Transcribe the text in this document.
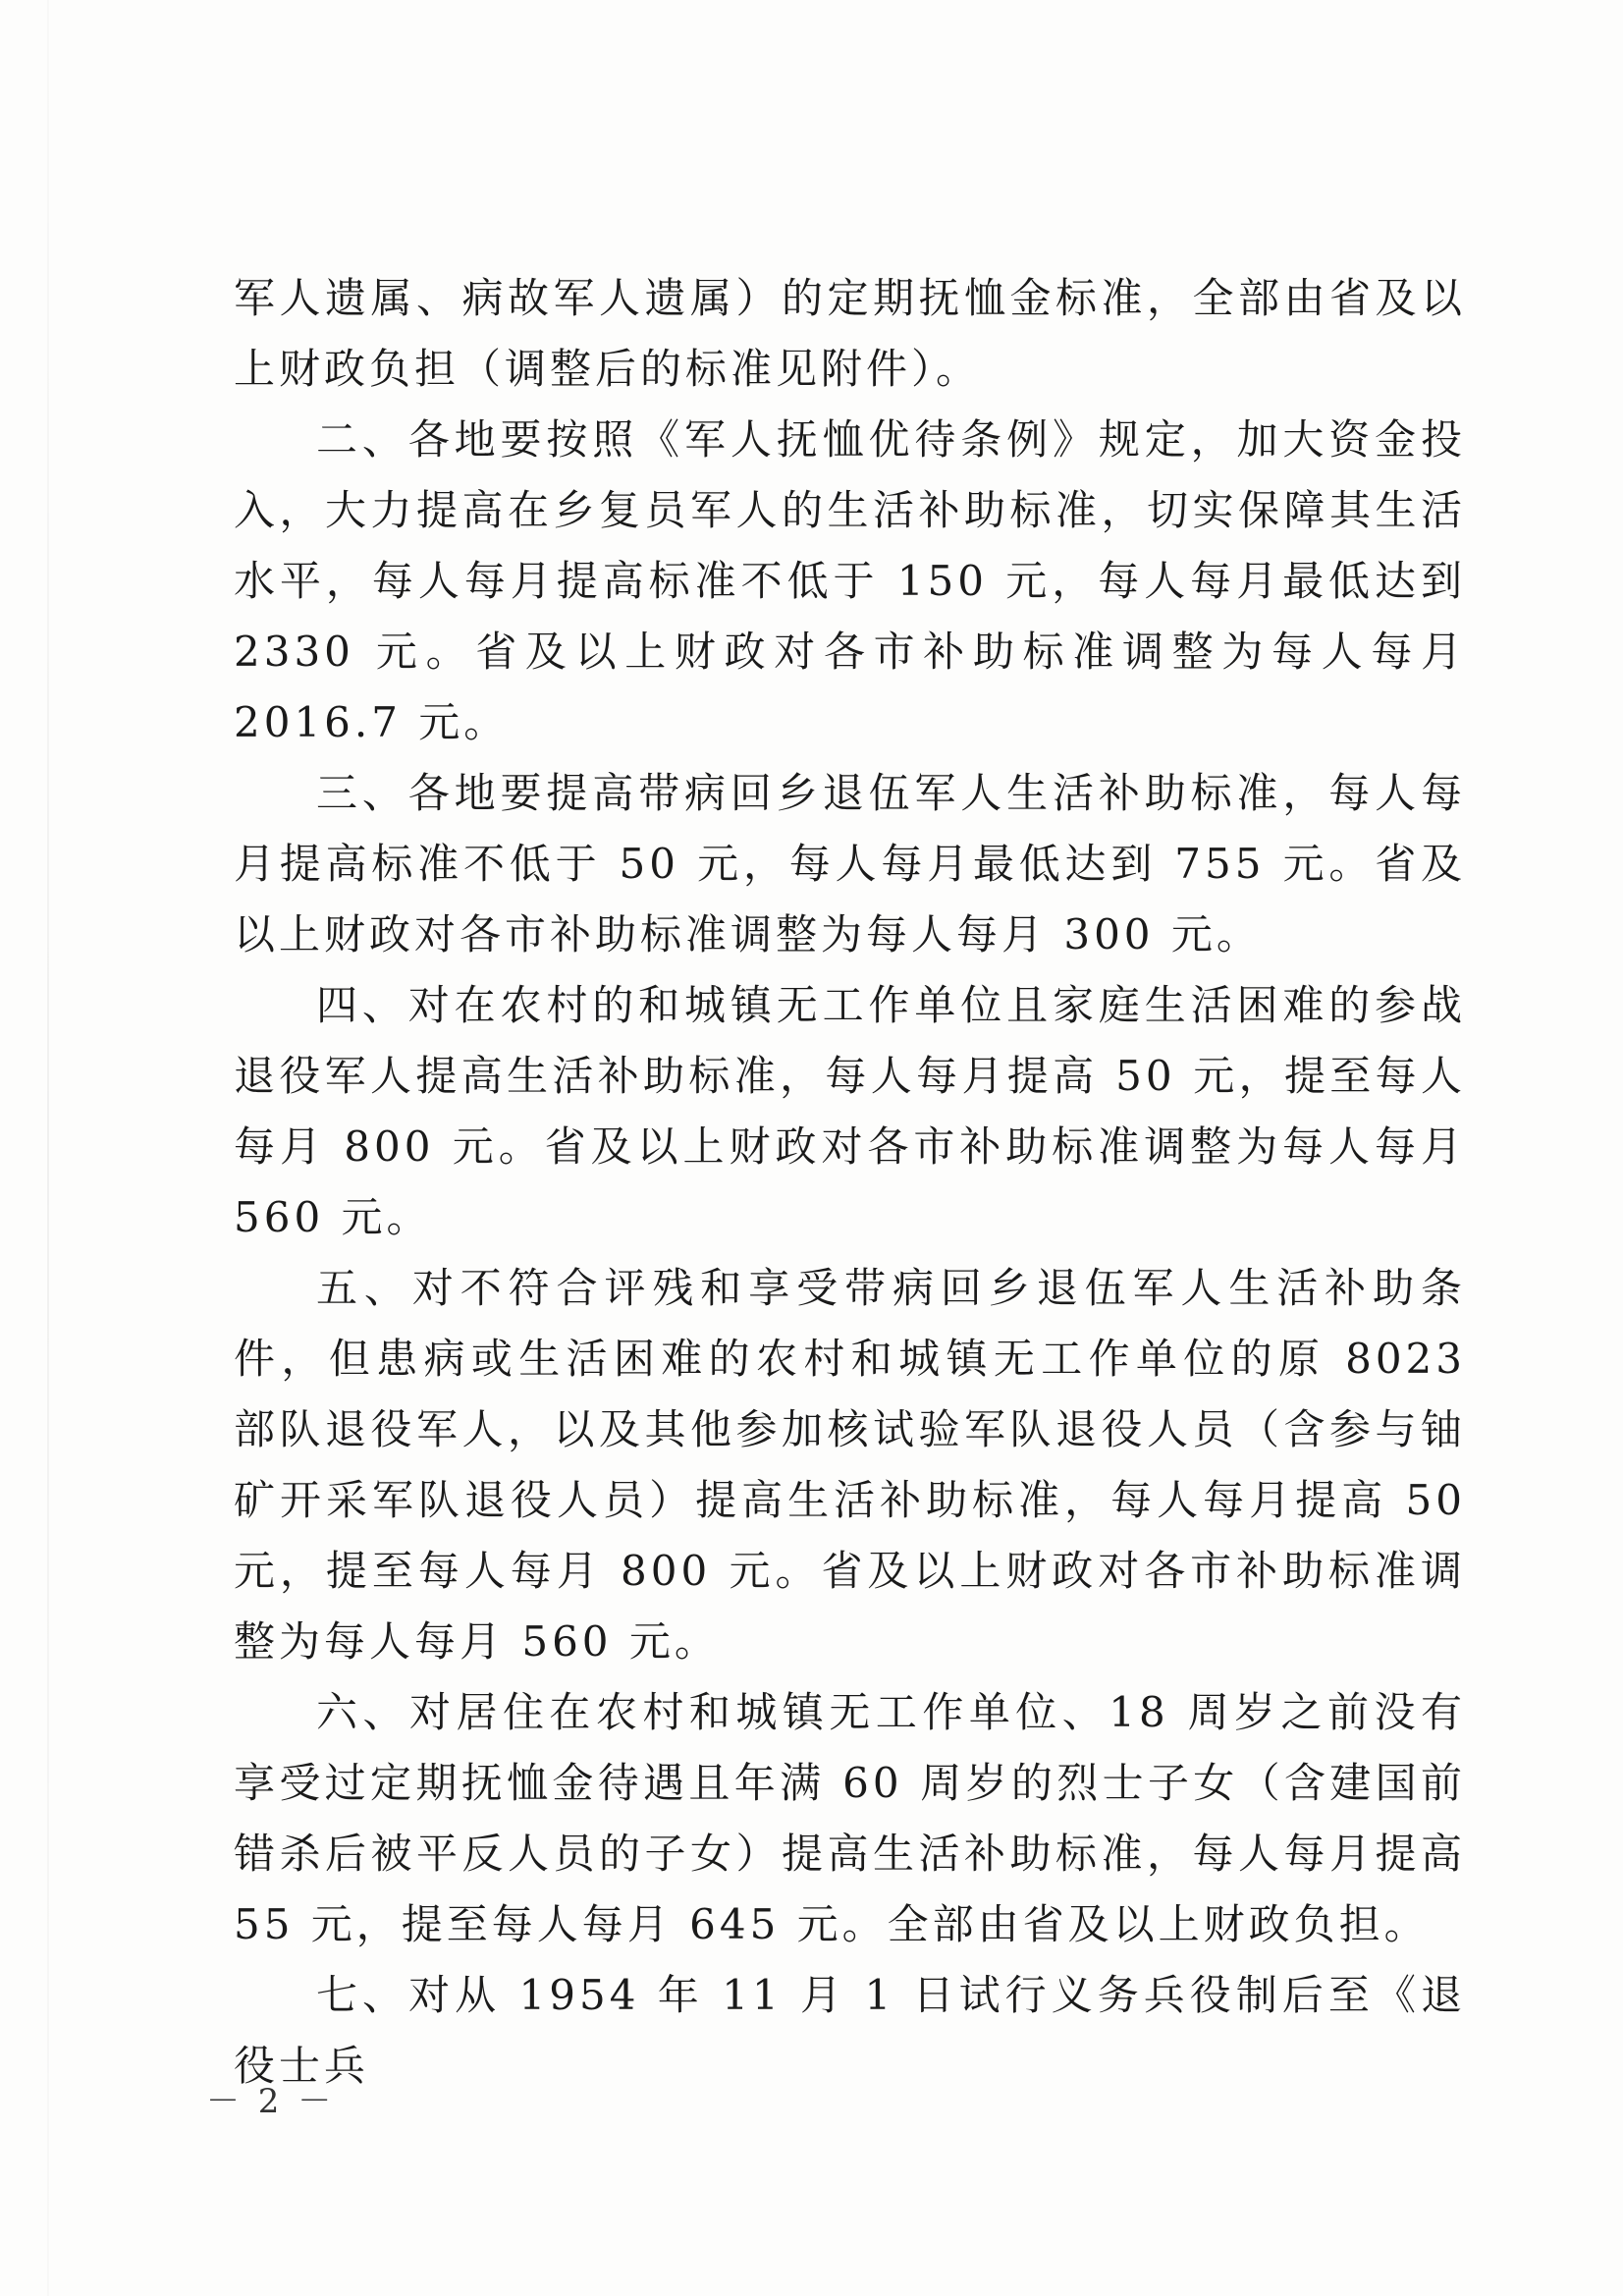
军人遗属、病故军人遗属）的定期抚恤金标准，全部由省及以上财政负担（调整后的标准见附件）。

二、各地要按照《军人抚恤优待条例》规定，加大资金投入，大力提高在乡复员军人的生活补助标准，切实保障其生活水平，每人每月提高标准不低于 150 元，每人每月最低达到 2330 元。省及以上财政对各市补助标准调整为每人每月 2016.7 元。

三、各地要提高带病回乡退伍军人生活补助标准，每人每月提高标准不低于 50 元，每人每月最低达到 755 元。省及以上财政对各市补助标准调整为每人每月 300 元。

四、对在农村的和城镇无工作单位且家庭生活困难的参战退役军人提高生活补助标准，每人每月提高 50 元，提至每人每月 800 元。省及以上财政对各市补助标准调整为每人每月 560 元。

五、对不符合评残和享受带病回乡退伍军人生活补助条件，但患病或生活困难的农村和城镇无工作单位的原 8023 部队退役军人，以及其他参加核试验军队退役人员（含参与铀矿开采军队退役人员）提高生活补助标准，每人每月提高 50 元，提至每人每月 800 元。省及以上财政对各市补助标准调整为每人每月 560 元。

六、对居住在农村和城镇无工作单位、18 周岁之前没有享受过定期抚恤金待遇且年满 60 周岁的烈士子女（含建国前错杀后被平反人员的子女）提高生活补助标准，每人每月提高 55 元，提至每人每月 645 元。全部由省及以上财政负担。

七、对从 1954 年 11 月 1 日试行义务兵役制后至《退役士兵

－ 2 －
